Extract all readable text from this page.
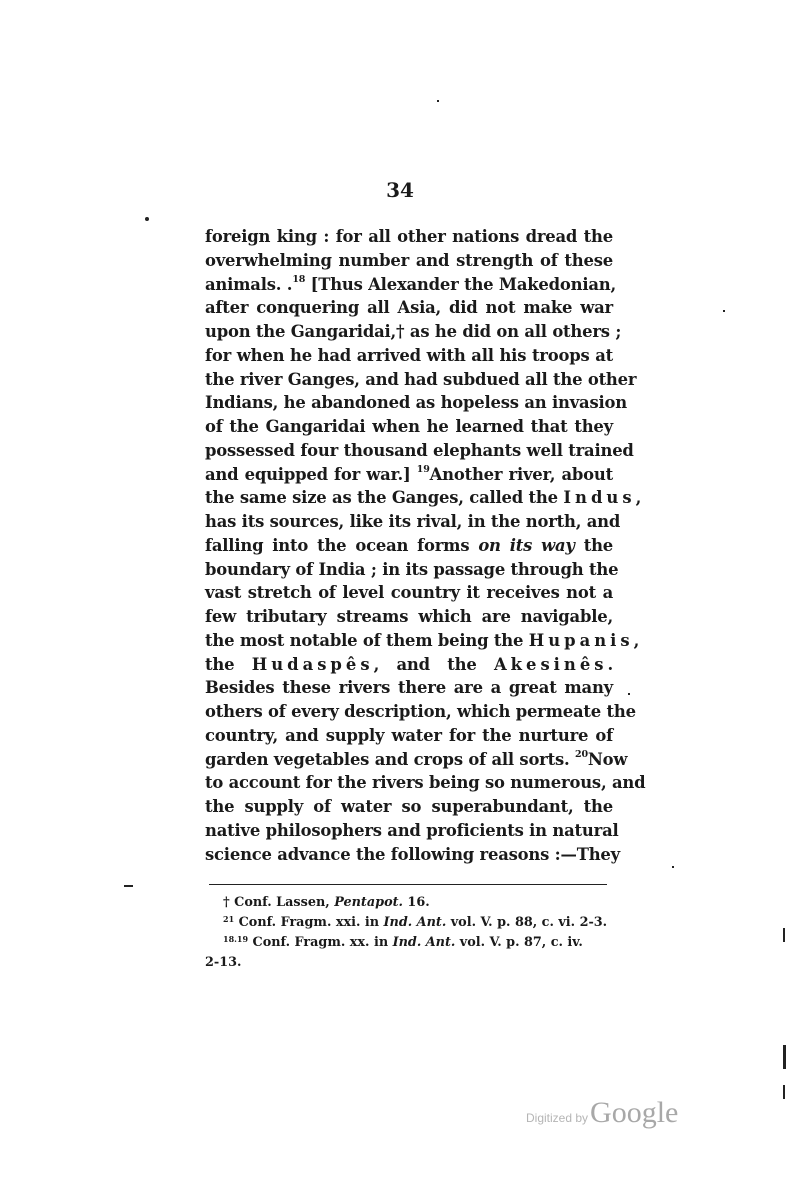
34
foreign king : for all other nations dread the
overwhelming number and strength of these
animals. .$^{18}$ [Thus Alexander the Makedonian,
after conquering all Asia, did not make war
upon the Gangaridai,† as he did on all others ;
for when he had arrived with all his troops at
the river Ganges, and had subdued all the other
Indians, he abandoned as hopeless an invasion
of the Gangaridai when he learned that they
possessed four thousand elephants well trained
and equipped for war.] $^{19}$Another river, about
the same size as the Ganges, called the Indus,
has its sources, like its rival, in the north, and
falling into the ocean forms on its way the
boundary of India ; in its passage through the
vast stretch of level country it receives not a
few tributary streams which are navigable,
the most notable of them being the Hupanis,
the Hudaspês, and the Akesinês.
Besides these rivers there are a great many
others of every description, which permeate the
country, and supply water for the nurture of
garden vegetables and crops of all sorts. $^{20}$Now
to account for the rivers being so numerous, and
the supply of water so superabundant, the
native philosophers and proficients in natural
science advance the following reasons :—They
† Conf. Lassen, Pentapot. 16.
$^{21}$ Conf. Fragm. xxi. in Ind. Ant. vol. V. p. 88, c. vi. 2-3.
$^{18.19}$ Conf. Fragm. xx. in Ind. Ant. vol. V. p. 87, c. iv.
2-13.
Digitized by Google
